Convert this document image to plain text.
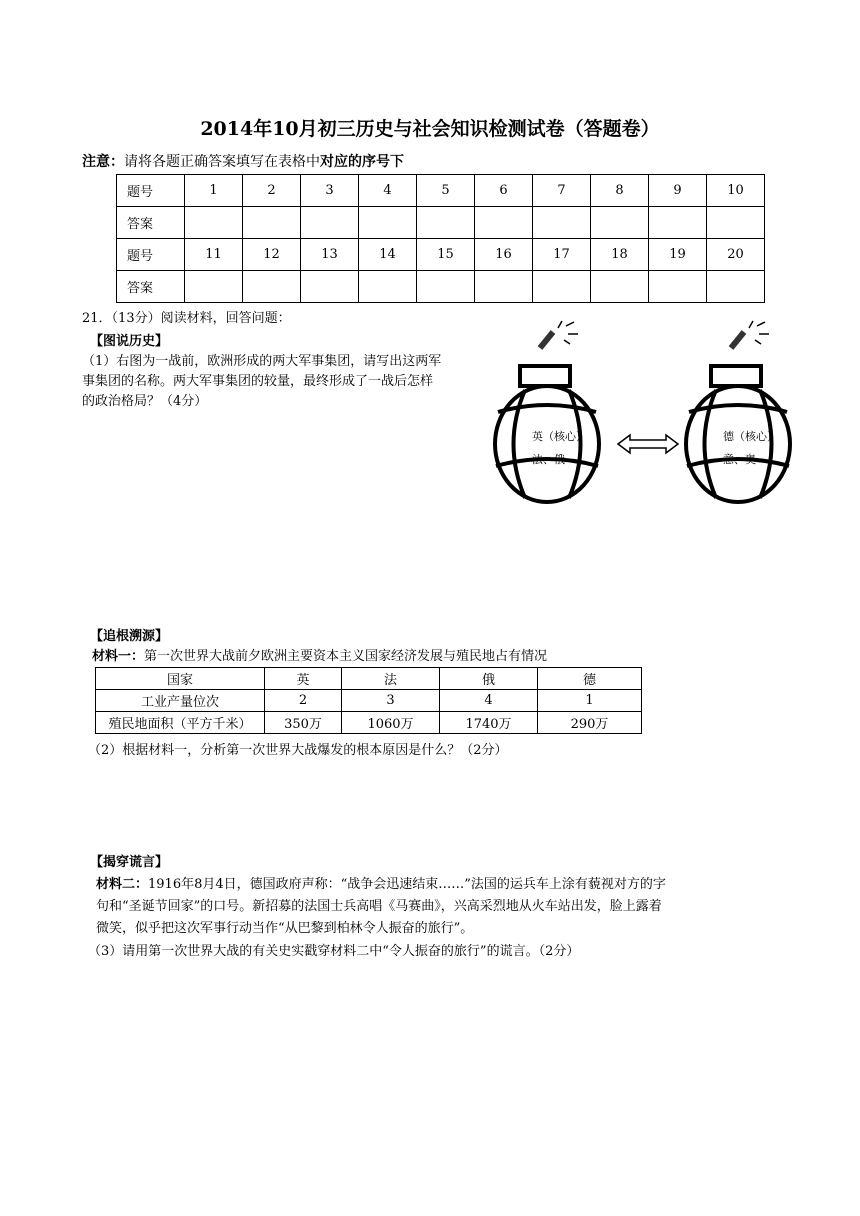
2014年10月初三历史与社会知识检测试卷（答题卷）
注意：请将各题正确答案填写在表格中对应的序号下
题号	1	2	3	4	5	6	7	8	9	10
答案										
题号	11	12	13	14	15	16	17	18	19	20
答案										
21．（13分）阅读材料，回答问题：
【图说历史】
（1）右图为一战前，欧洲形成的两大军事集团，请写出这两军
事集团的名称。两大军事集团的较量，最终形成了一战后怎样
的政治格局？（4分）
英（核心）
法、俄
德（核心）
意、奥
【追根溯源】
材料一：第一次世界大战前夕欧洲主要资本主义国家经济发展与殖民地占有情况
国家	英	法	俄	德
工业产量位次	2	3	4	1
殖民地面积（平方千米）	350万	1060万	1740万	290万
（2）根据材料一，分析第一次世界大战爆发的根本原因是什么？（2分）
【揭穿谎言】
材料二：1916年8月4日，德国政府声称：“战争会迅速结束……”法国的运兵车上涂有藐视对方的字
句和“圣诞节回家”的口号。新招募的法国士兵高唱《马赛曲》，兴高采烈地从火车站出发，脸上露着
微笑，似乎把这次军事行动当作“从巴黎到柏林令人振奋的旅行”。
（3）请用第一次世界大战的有关史实戳穿材料二中“令人振奋的旅行”的谎言。（2分）
